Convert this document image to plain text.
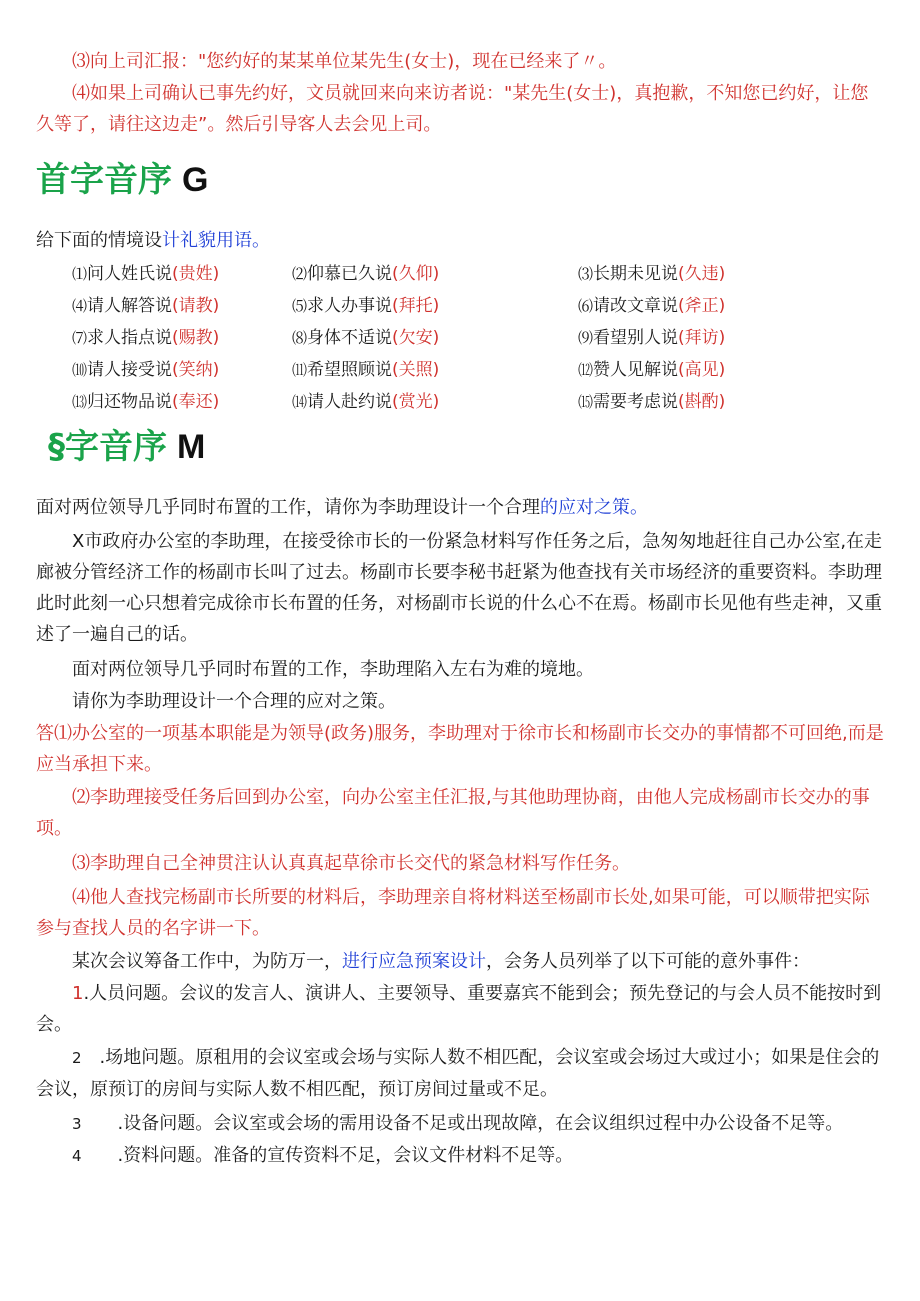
⑶向上司汇报："您约好的某某单位某先生(女士)，现在已经来了〃。

⑷如果上司确认已事先约好，文员就回来向来访者说："某先生(女士)，真抱歉，不知您已约好，让您久等了，请往这边走”。然后引导客人去会见上司。

首字音序 G

给下面的情境设计礼貌用语。

⑴问人姓氏说(贵姓)	⑵仰慕已久说(久仰)	⑶长期未见说(久违)
⑷请人解答说(请教)	⑸求人办事说(拜托)	⑹请改文章说(斧正)
⑺求人指点说(赐教)	⑻身体不适说(欠安)	⑼看望别人说(拜访)
⑽请人接受说(笑纳)	⑾希望照顾说(关照)	⑿赞人见解说(高见)
⒀归还物品说(奉还)	⒁请人赴约说(赏光)	⒂需要考虑说(斟酌)
§字音序 M

面对两位领导几乎同时布置的工作，请你为李助理设计一个合理的应对之策。

X市政府办公室的李助理，在接受徐市长的一份紧急材料写作任务之后，急匆匆地赶往自己办公室,在走廊被分管经济工作的杨副市长叫了过去。杨副市长要李秘书赶紧为他查找有关市场经济的重要资料。李助理此时此刻一心只想着完成徐市长布置的任务，对杨副市长说的什么心不在焉。杨副市长见他有些走神，又重述了一遍自己的话。

面对两位领导几乎同时布置的工作，李助理陷入左右为难的境地。

请你为李助理设计一个合理的应对之策。

答⑴办公室的一项基本职能是为领导(政务)服务，李助理对于徐市长和杨副市长交办的事情都不可回绝,而是应当承担下来。

⑵李助理接受任务后回到办公室，向办公室主任汇报,与其他助理协商，由他人完成杨副市长交办的事项。

⑶李助理自己全神贯注认认真真起草徐市长交代的紧急材料写作任务。

⑷他人查找完杨副市长所要的材料后，李助理亲自将材料送至杨副市长处,如果可能，可以顺带把实际参与查找人员的名字讲一下。

某次会议筹备工作中，为防万一，进行应急预案设计，会务人员列举了以下可能的意外事件：

1.人员问题。会议的发言人、演讲人、主要领导、重要嘉宾不能到会；预先登记的与会人员不能按时到会。

2 .场地问题。原租用的会议室或会场与实际人数不相匹配，会议室或会场过大或过小；如果是住会的会议，原预订的房间与实际人数不相匹配，预订房间过量或不足。

3 .设备问题。会议室或会场的需用设备不足或出现故障，在会议组织过程中办公设备不足等。

4 .资料问题。准备的宣传资料不足，会议文件材料不足等。
